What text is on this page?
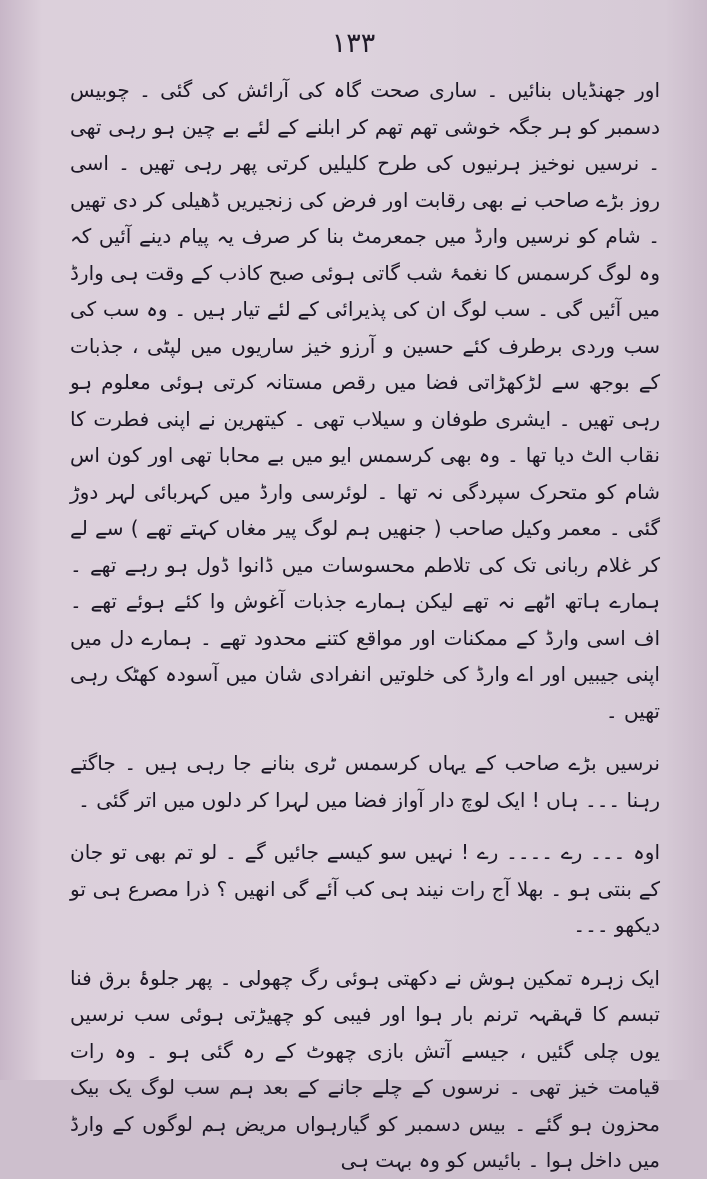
۱۳۳

اور جھنڈیاں بنائیں ۔ ساری صحت گاہ کی آرائش کی گئی ۔ چوبیس دسمبر کو ہر جگہ خوشی تھم تھم کر ابلنے کے لئے بے چین ہو رہی تھی ۔ نرسیں نوخیز ہرنیوں کی طرح کلیلیں کرتی پھر رہی تھیں ۔ اسی روز بڑے صاحب نے بھی رقابت اور فرض کی زنجیریں ڈھیلی کر دی تھیں ۔ شام کو نرسیں وارڈ میں جمعرمٹ بنا کر صرف یہ پیام دینے آئیں کہ وہ لوگ کرسمس کا نغمۂ شب گاتی ہوئی صبح کاذب کے وقت ہی وارڈ میں آئیں گی ۔ سب لوگ ان کی پذیرائی کے لئے تیار ہیں ۔ وہ سب کی سب وردی برطرف کئے حسین و آرزو خیز ساریوں میں لپٹی ، جذبات کے بوجھ سے لڑکھڑاتی فضا میں رقص مستانہ کرتی ہوئی معلوم ہو رہی تھیں ۔ ایشری طوفان و سیلاب تھی ۔ کیتھرین نے اپنی فطرت کا نقاب الٹ دیا تھا ۔ وہ بھی کرسمس ایو میں بے محابا تھی اور کون اس شام کو متحرک سپردگی نہ تھا ۔ لوئرسی وارڈ میں کہربائی لہر دوڑ گئی ۔ معمر وکیل صاحب ( جنھیں ہم لوگ پیر مغاں کہتے تھے ) سے لے کر غلام ربانی تک کی تلاطم محسوسات میں ڈانوا ڈول ہو رہے تھے ۔ ہمارے ہاتھ اٹھے نہ تھے لیکن ہمارے جذبات آغوش وا کئے ہوئے تھے ۔ اف اسی وارڈ کے ممکنات اور مواقع کتنے محدود تھے ۔ ہمارے دل میں اپنی جیبیں اور اے وارڈ کی خلوتیں انفرادی شان میں آسودہ کھٹک رہی تھیں ۔

نرسیں بڑے صاحب کے یہاں کرسمس ٹری بنانے جا رہی ہیں ۔ جاگتے رہنا ۔۔۔ ہاں ! ایک لوچ دار آواز فضا میں لہرا کر دلوں میں اتر گئی ۔

اوہ ۔۔۔ رے ۔۔۔۔ رے ! نہیں سو کیسے جائیں گے ۔ لو تم بھی تو جان کے بنتی ہو ۔ بھلا آج رات نیند ہی کب آئے گی انھیں ؟ ذرا مصرع ہی تو دیکھو ۔۔۔

ایک زہرہ تمکین ہوش نے دکھتی ہوئی رگ چھولی ۔ پھر جلوۂ برق فنا تبسم کا قہقہہ ترنم بار ہوا اور فیبی کو چھیڑتی ہوئی سب نرسیں یوں چلی گئیں ، جیسے آتش بازی چھوٹ کے رہ گئی ہو ۔ وہ رات قیامت خیز تھی ۔ نرسوں کے چلے جانے کے بعد ہم سب لوگ یک بیک محزون ہو گئے ۔ بیس دسمبر کو گیارہواں مریض ہم لوگوں کے وارڈ میں داخل ہوا ۔ بائیس کو وہ بہت ہی
